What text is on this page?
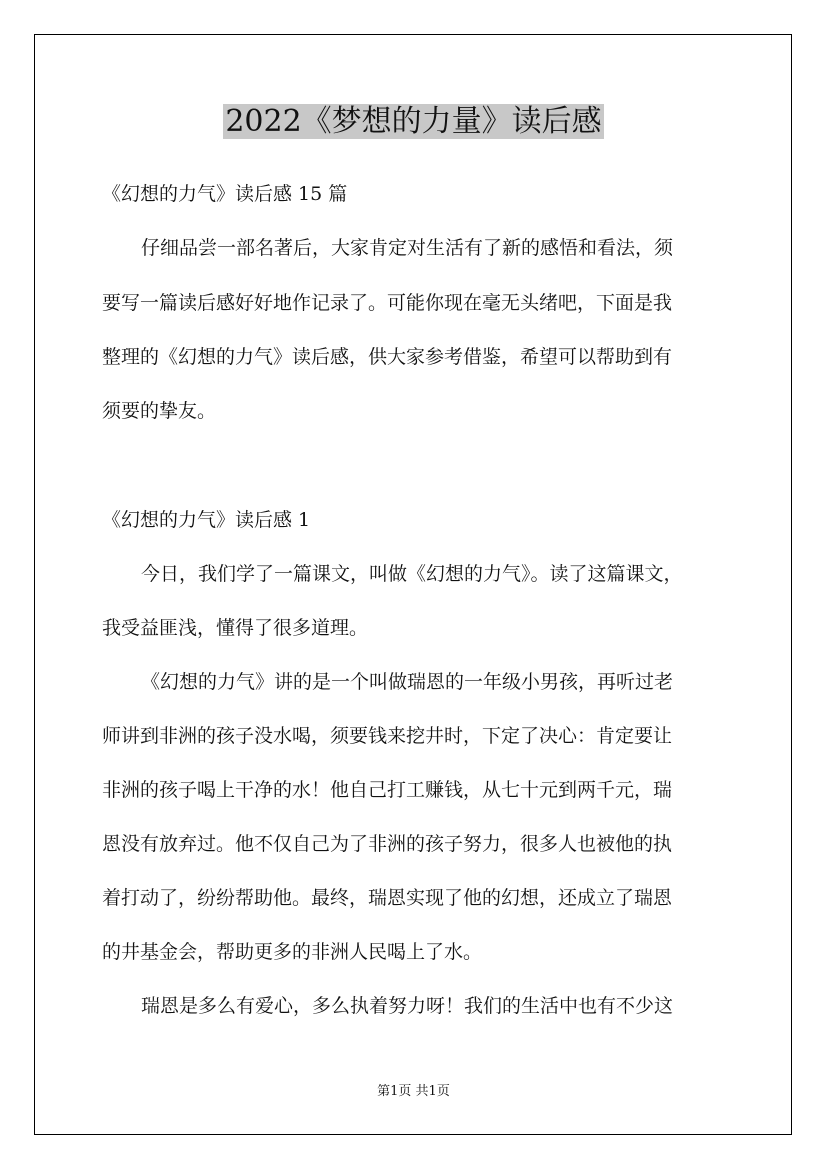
2022《梦想的力量》读后感
《幻想的力气》读后感 15 篇
仔细品尝一部名著后，大家肯定对生活有了新的感悟和看法，须
要写一篇读后感好好地作记录了。可能你现在毫无头绪吧，下面是我
整理的《幻想的力气》读后感，供大家参考借鉴，希望可以帮助到有
须要的挚友。
《幻想的力气》读后感 1
今日，我们学了一篇课文，叫做《幻想的力气》。读了这篇课文，
我受益匪浅，懂得了很多道理。
《幻想的力气》讲的是一个叫做瑞恩的一年级小男孩，再听过老
师讲到非洲的孩子没水喝，须要钱来挖井时，下定了决心：肯定要让
非洲的孩子喝上干净的水！他自己打工赚钱，从七十元到两千元，瑞
恩没有放弃过。他不仅自己为了非洲的孩子努力，很多人也被他的执
着打动了，纷纷帮助他。最终，瑞恩实现了他的幻想，还成立了瑞恩
的井基金会，帮助更多的非洲人民喝上了水。
瑞恩是多么有爱心，多么执着努力呀！我们的生活中也有不少这
第1页 共1页
